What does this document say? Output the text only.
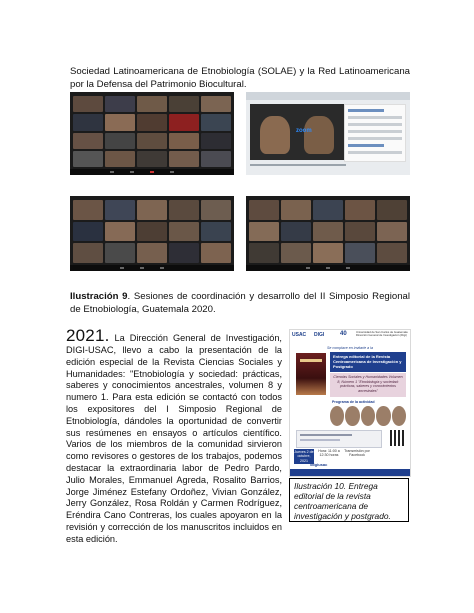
Sociedad Latinoamericana de Etnobiología (SOLAE) y la Red Latinoamericana por la Defensa del Patrimonio Biocultural.

zoom

Ilustración 9. Sesiones de coordinación y desarrollo del II Simposio Regional de Etnobiología, Guatemala 2020.

2021. La Dirección General de Investigación, DIGI-USAC, llevo a cabo la presentación de la edición especial de la Revista Ciencias Sociales y Humanidades: "Etnobiología y sociedad: prácticas, saberes y conocimientos ancestrales, volumen 8 y numero 1. Para esta edición se contactó con todos los expositores del I Simposio Regional de Etnobiología, dándoles la oportunidad de convertir sus resúmenes en ensayos o artículos científico. Varios de los miembros de la comunidad sirvieron como revisores o gestores de los trabajos, podemos destacar la extraordinaria labor de Pedro Pardo, Julio Morales, Emmanuel Agreda, Rosalito Barrios, Jorge Jiménez Estefany Ordoñez, Vivian González, Jerry González, Rosa Roldán y Carmen Rodríguez, Eréndira Cano Contreras, los cuales apoyaron en la revisión y corrección de los manuscritos incluidos en esta edición.

USAC DIGI	40	Universidad de San Carlos de Guatemala Dirección General de Investigación (Digi)
Se complace en invitarle a la
Entrega editorial de la Revista Centroamericana de Investigación y Postgrado
Ciencias Sociales y Humanidades Volumen 8, Número 1 "Etnobiología y sociedad: prácticas, saberes y conocimientos ancestrales"
Programa de la actividad
Jueves 2 de octubre, 2021
Hora: 11:00 a 12:30 horas
Transmisión por Facebook
/digiusac
Ilustración 10. Entrega editorial de la revista centroamericana de investigación y postgrado.
